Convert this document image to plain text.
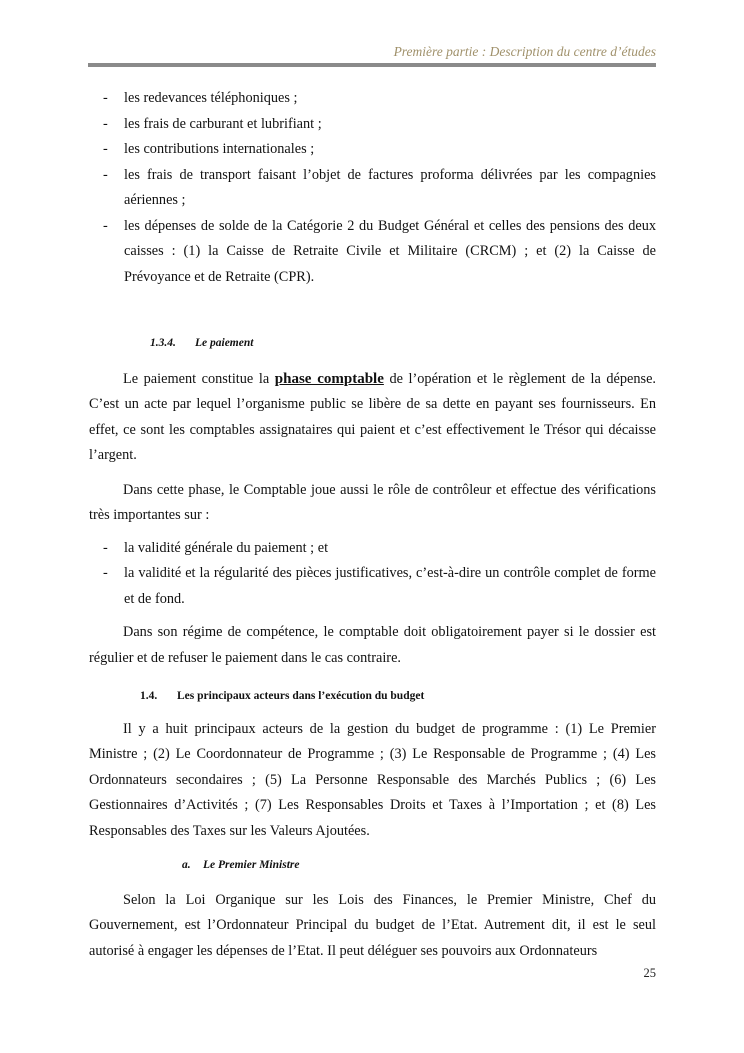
Première partie : Description du centre d’études
- les redevances téléphoniques ;
- les frais de carburant et lubrifiant ;
- les contributions internationales ;
- les frais de transport faisant l’objet de factures proforma délivrées par les compagnies aériennes ;
- les dépenses de solde de la Catégorie 2 du Budget Général et celles des pensions des deux caisses : (1) la Caisse de Retraite Civile et Militaire (CRCM) ; et (2) la Caisse de Prévoyance et de Retraite (CPR).
1.3.4. Le paiement

Le paiement constitue la phase comptable de l’opération et le règlement de la dépense. C’est un acte par lequel l’organisme public se libère de sa dette en payant ses fournisseurs. En effet, ce sont les comptables assignataires qui paient et c’est effectivement le Trésor qui décaisse l’argent.

Dans cette phase, le Comptable joue aussi le rôle de contrôleur et effectue des vérifications très importantes sur :

- la validité générale du paiement ; et
- la validité et la régularité des pièces justificatives, c’est-à-dire un contrôle complet de forme et de fond.

Dans son régime de compétence, le comptable doit obligatoirement payer si le dossier est régulier et de refuser le paiement dans le cas contraire.

1.4. Les principaux acteurs dans l’exécution du budget

Il y a huit principaux acteurs de la gestion du budget de programme : (1) Le Premier Ministre ; (2) Le Coordonnateur de Programme ; (3) Le Responsable de Programme ; (4) Les Ordonnateurs secondaires ; (5) La Personne Responsable des Marchés Publics ; (6) Les Gestionnaires d’Activités ; (7) Les Responsables Droits et Taxes à l’Importation ; et (8) Les Responsables des Taxes sur les Valeurs Ajoutées.

a. Le Premier Ministre

Selon la Loi Organique sur les Lois des Finances, le Premier Ministre, Chef du Gouvernement, est l’Ordonnateur Principal du budget de l’Etat. Autrement dit, il est le seul autorisé à engager les dépenses de l’Etat. Il peut déléguer ses pouvoirs aux Ordonnateurs

25
